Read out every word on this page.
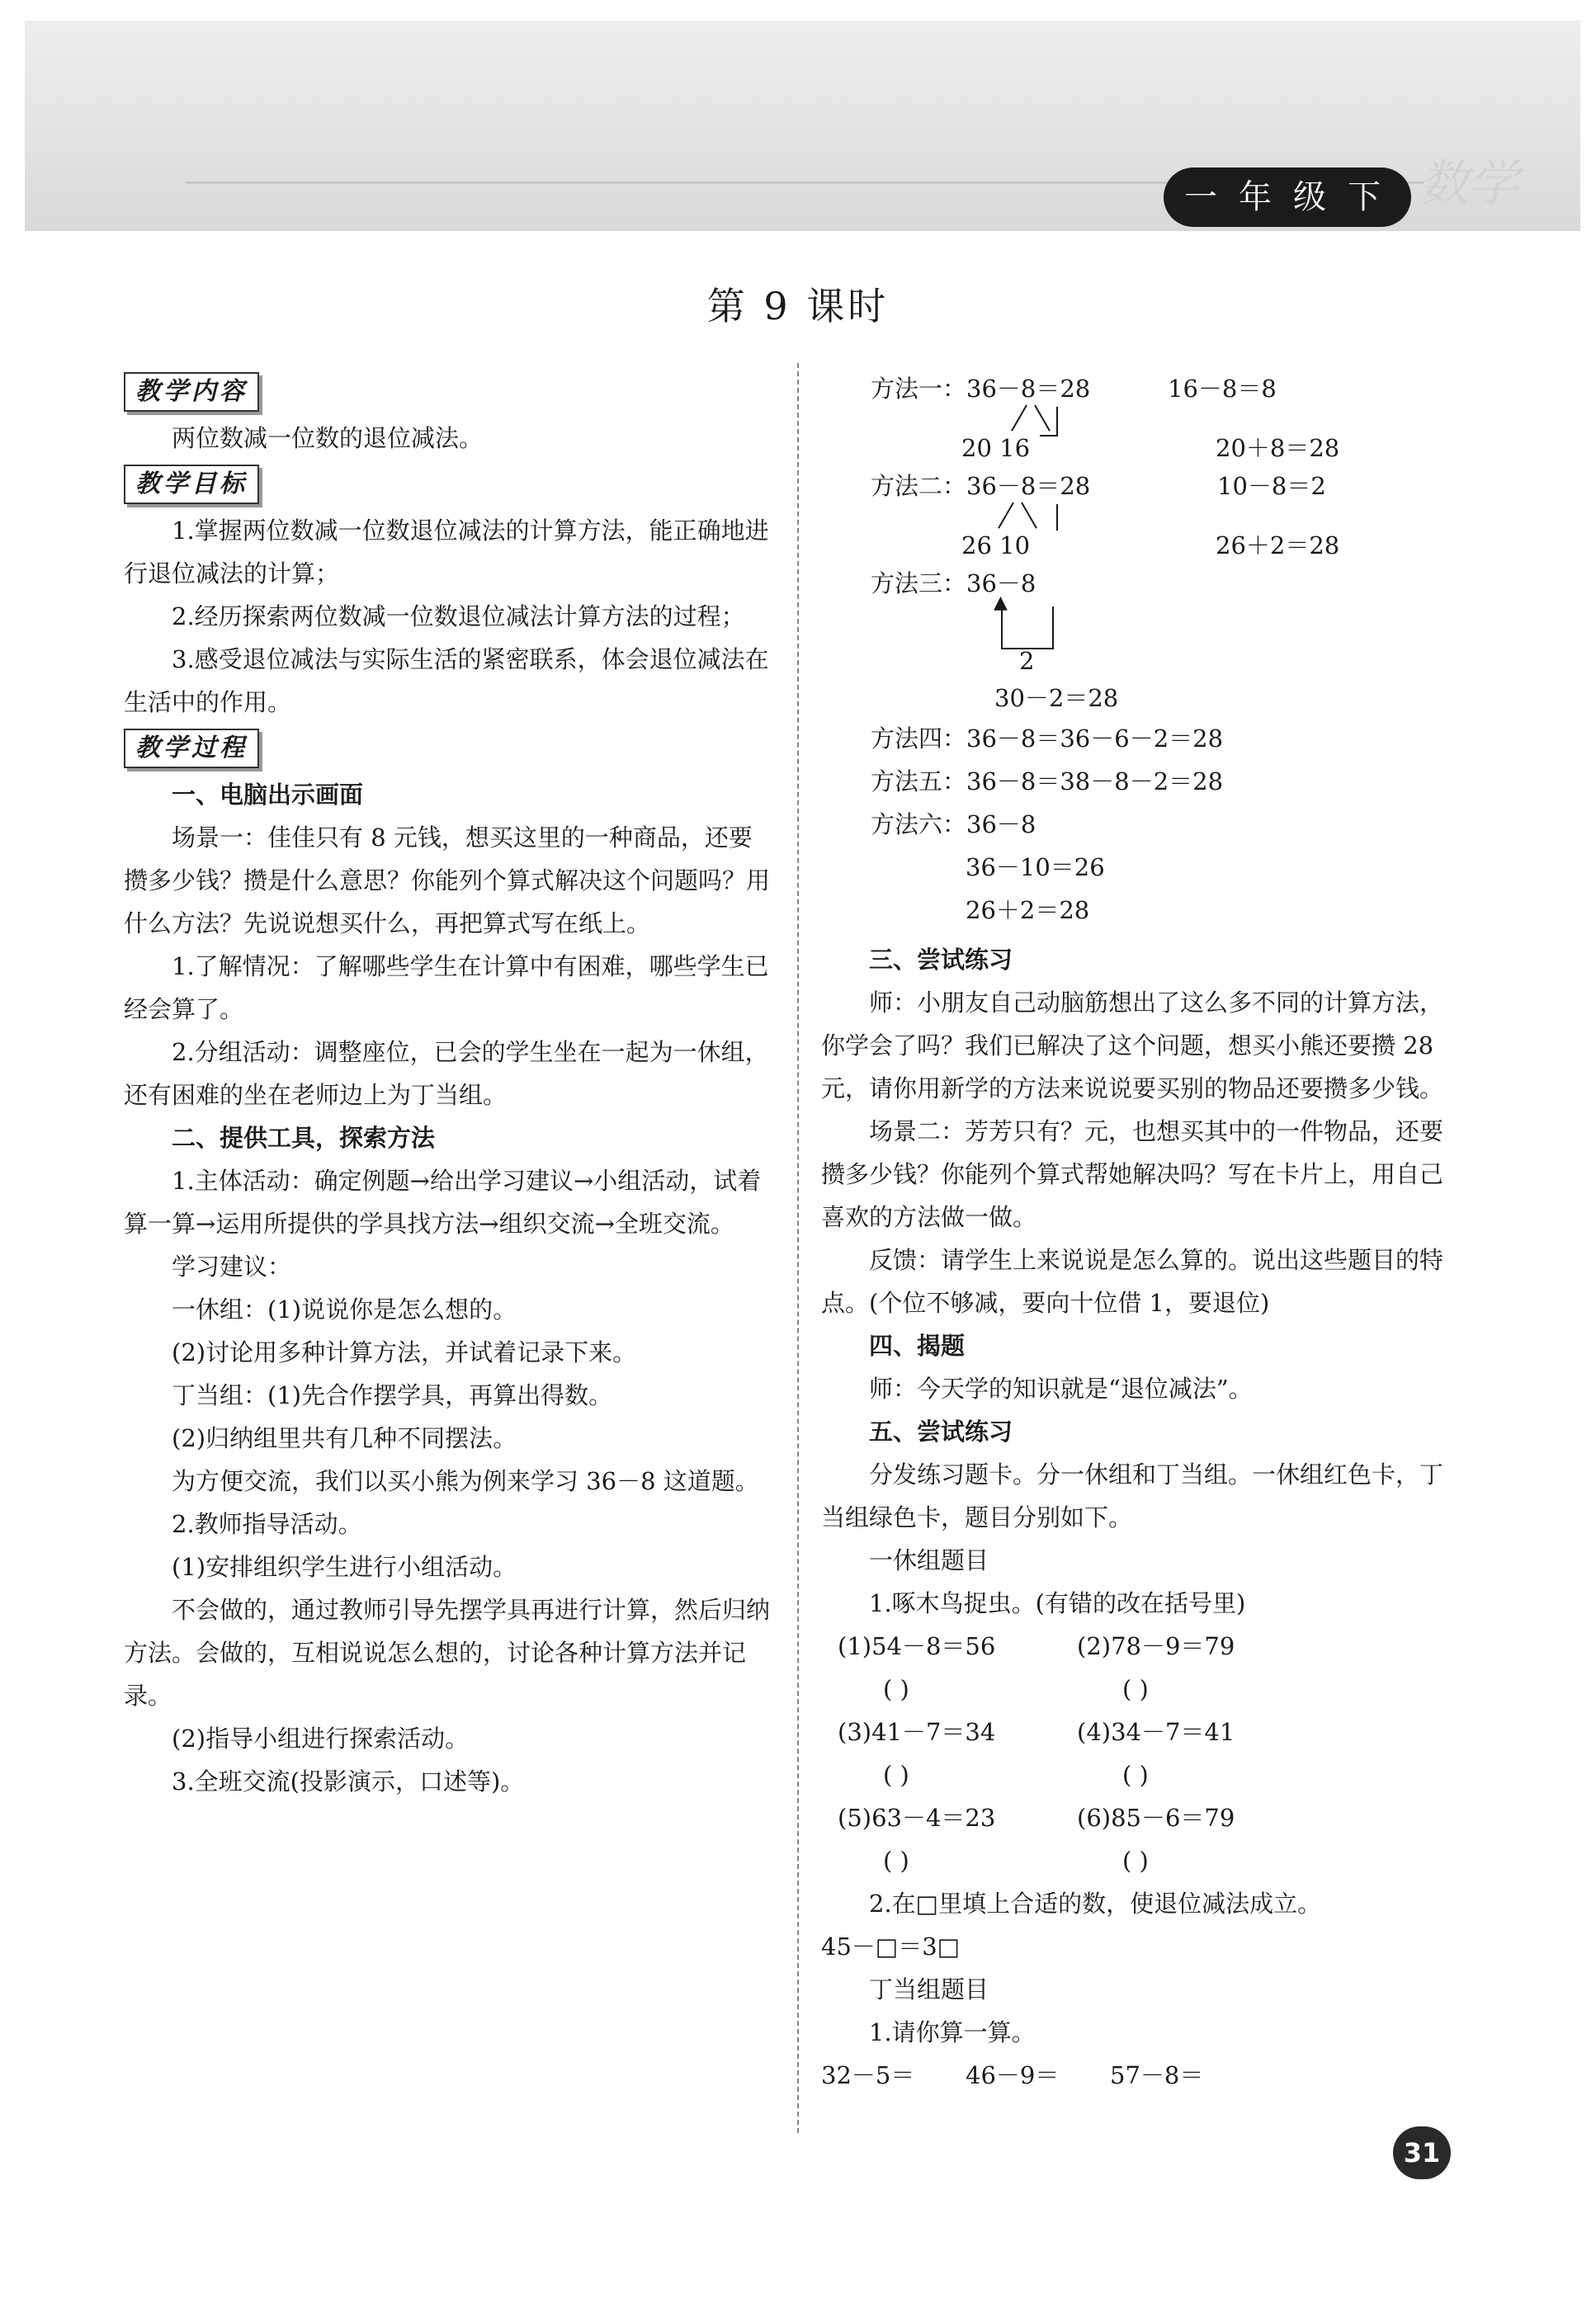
一年级下 数学
第 9 课时
教学内容

两位数减一位数的退位减法。

教学目标

1.掌握两位数减一位数退位减法的计算方法，能正确地进行退位减法的计算；

2.经历探索两位数减一位数退位减法计算方法的过程；

3.感受退位减法与实际生活的紧密联系，体会退位减法在生活中的作用。

教学过程

一、电脑出示画面

场景一：佳佳只有 8 元钱，想买这里的一种商品，还要攒多少钱？攒是什么意思？你能列个算式解决这个问题吗？用什么方法？先说说想买什么，再把算式写在纸上。

1.了解情况：了解哪些学生在计算中有困难，哪些学生已经会算了。

2.分组活动：调整座位，已会的学生坐在一起为一休组，还有困难的坐在老师边上为丁当组。

二、提供工具，探索方法

1.主体活动：确定例题→给出学习建议→小组活动，试着算一算→运用所提供的学具找方法→组织交流→全班交流。

学习建议：

一休组：(1)说说你是怎么想的。

(2)讨论用多种计算方法，并试着记录下来。

丁当组：(1)先合作摆学具，再算出得数。

(2)归纳组里共有几种不同摆法。

为方便交流，我们以买小熊为例来学习 36－8 这道题。

2.教师指导活动。

(1)安排组织学生进行小组活动。

不会做的，通过教师引导先摆学具再进行计算，然后归纳方法。会做的，互相说说怎么想的，讨论各种计算方法并记录。

(2)指导小组进行探索活动。

3.全班交流(投影演示，口述等)。

方法一：36－8＝28	16－8＝8
20 16	20＋8＝28
方法二：36－8＝28	10－8＝2
26 10	26＋2＝28
方法三：36－8
▲
2
30－2＝28
方法四：36－8＝36－6－2＝28
方法五：36－8＝38－8－2＝28
方法六：36－8
36－10＝26
26＋2＝28

三、尝试练习

师：小朋友自己动脑筋想出了这么多不同的计算方法，你学会了吗？我们已解决了这个问题，想买小熊还要攒 28 元，请你用新学的方法来说说要买别的物品还要攒多少钱。

场景二：芳芳只有？元，也想买其中的一件物品，还要攒多少钱？你能列个算式帮她解决吗？写在卡片上，用自己喜欢的方法做一做。

反馈：请学生上来说说是怎么算的。说出这些题目的特点。(个位不够减，要向十位借 1，要退位)

四、揭题

师：今天学的知识就是“退位减法”。

五、尝试练习

分发练习题卡。分一休组和丁当组。一休组红色卡，丁当组绿色卡，题目分别如下。

一休组题目

1.啄木鸟捉虫。(有错的改在括号里)

(1)54－8＝56	(2)78－9＝79
( )	( )
(3)41－7＝34	(4)34－7＝41
( )	( )
(5)63－4＝23	(6)85－6＝79
( )	( )

2.在□里填上合适的数，使退位减法成立。

45－□＝3□

丁当组题目

1.请你算一算。

32－5＝	46－9＝	57－8＝
31
